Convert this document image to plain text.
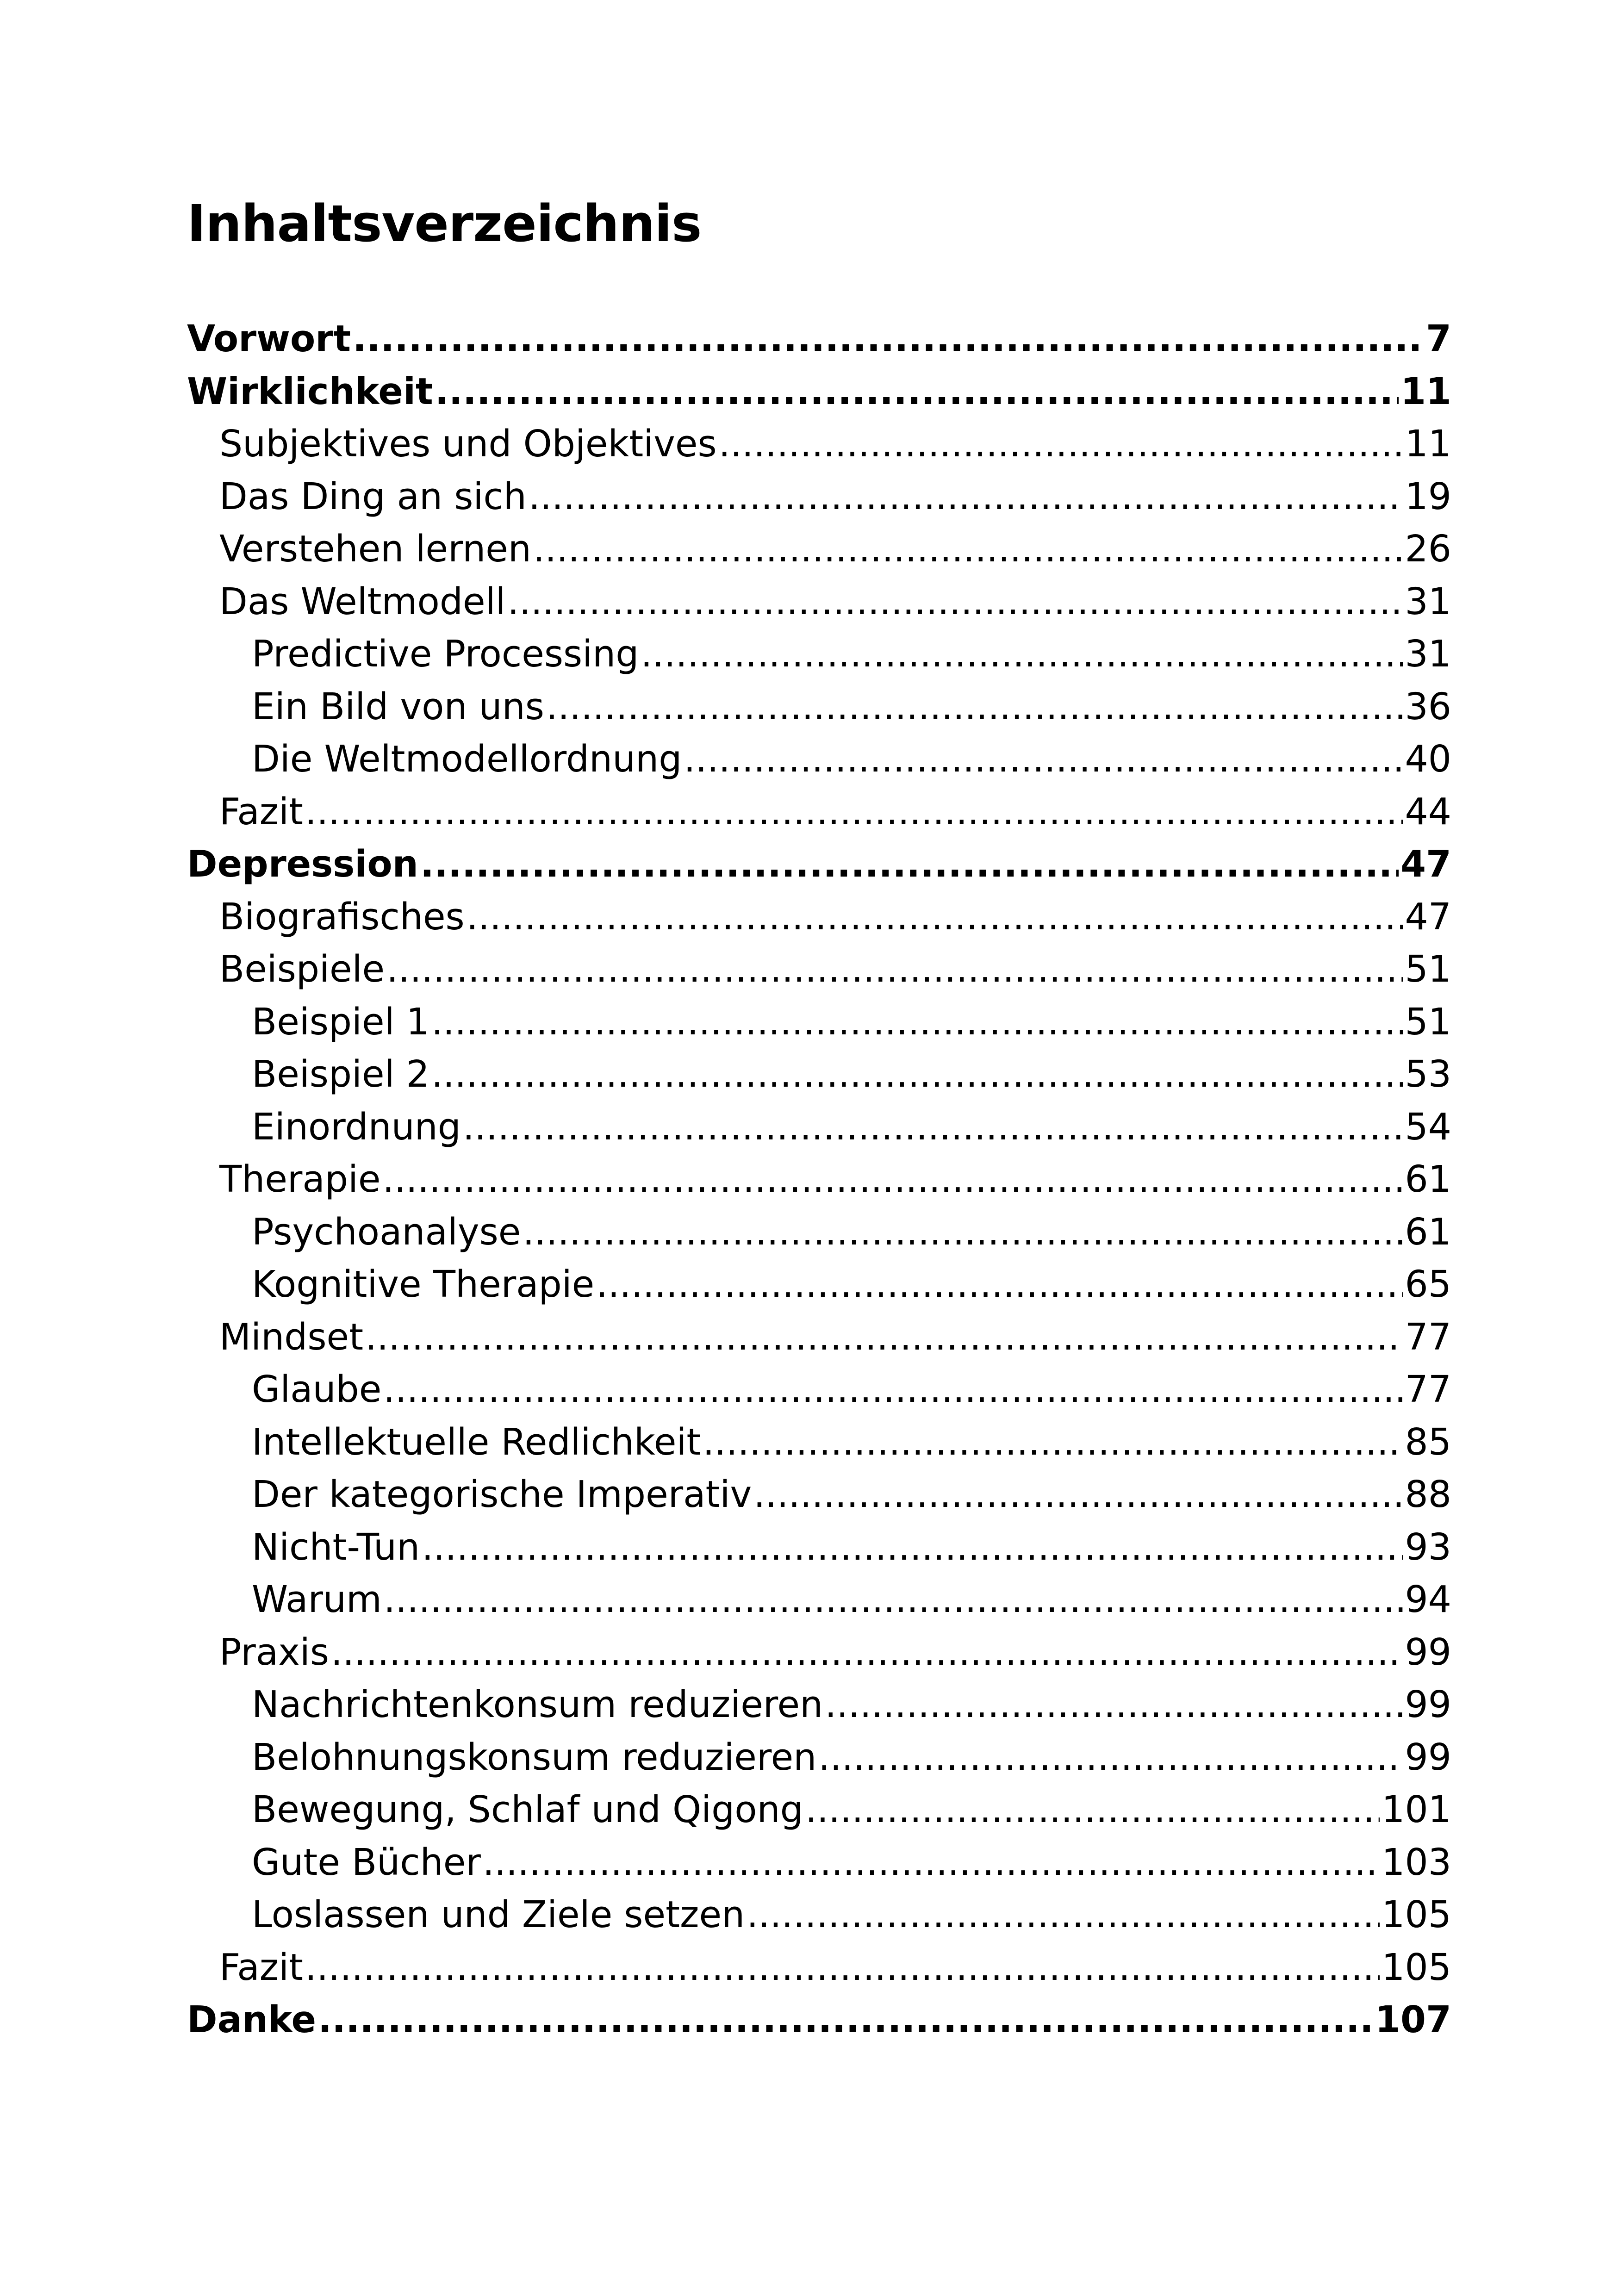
Inhaltsverzeichnis
Vorwort .....	7
Wirklichkeit .....	11
Subjektives und Objektives .....	11
Das Ding an sich .....	19
Verstehen lernen .....	26
Das Weltmodell .....	31
Predictive Processing .....	31
Ein Bild von uns .....	36
Die Weltmodellordnung .....	40
Fazit .....	44
Depression .....	47
Biografisches .....	47
Beispiele .....	51
Beispiel 1 .....	51
Beispiel 2 .....	53
Einordnung .....	54
Therapie .....	61
Psychoanalyse .....	61
Kognitive Therapie .....	65
Mindset .....	77
Glaube .....	77
Intellektuelle Redlichkeit .....	85
Der kategorische Imperativ .....	88
Nicht-Tun .....	93
Warum .....	94
Praxis .....	99
Nachrichtenkonsum reduzieren .....	99
Belohnungskonsum reduzieren .....	99
Bewegung, Schlaf und Qigong .....	101
Gute Bücher .....	103
Loslassen und Ziele setzen .....	105
Fazit .....	105
Danke .....	107
